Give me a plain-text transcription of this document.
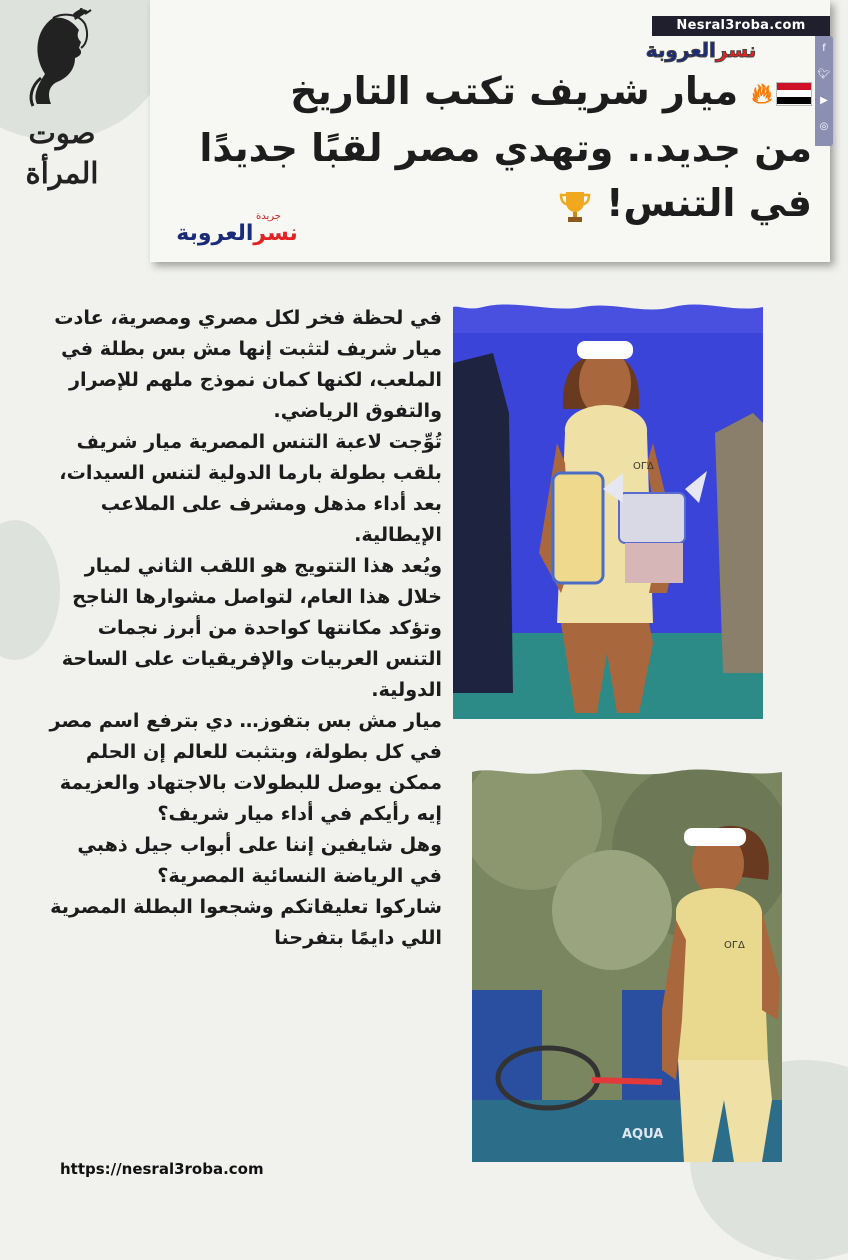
صوت
المرأة
Nesral3roba.com
نسرالعروبة	f
🐦︎
▶
◎
🔥︎ ميار شريف تكتب التاريخ
من جديد.. وتهدي مصر لقبًا جديدًا
في التنس!
جريدة
نسرالعروبة

في لحظة فخر لكل مصري ومصرية، عادت ميار شريف لتثبت إنها مش بس بطلة في الملعب، لكنها كمان نموذج ملهم للإصرار والتفوق الرياضي.

تُوِّجت لاعبة التنس المصرية ميار شريف بلقب بطولة بارما الدولية لتنس السيدات، بعد أداء مذهل ومشرف على الملاعب الإيطالية.

ويُعد هذا التتويج هو اللقب الثاني لميار خلال هذا العام، لتواصل مشوارها الناجح وتؤكد مكانتها كواحدة من أبرز نجمات التنس العربيات والإفريقيات على الساحة الدولية.

ميار مش بس بتفوز… دي بترفع اسم مصر في كل بطولة، وبتثبت للعالم إن الحلم ممكن يوصل للبطولات بالاجتهاد والعزيمة

إيه رأيكم في أداء ميار شريف؟

وهل شايفين إننا على أبواب جيل ذهبي في الرياضة النسائية المصرية؟

شاركوا تعليقاتكم وشجعوا البطلة المصرية اللي دايمًا بتفرحنا

ОГΔ
AQUA
ОГΔ
https://nesral3roba.com
